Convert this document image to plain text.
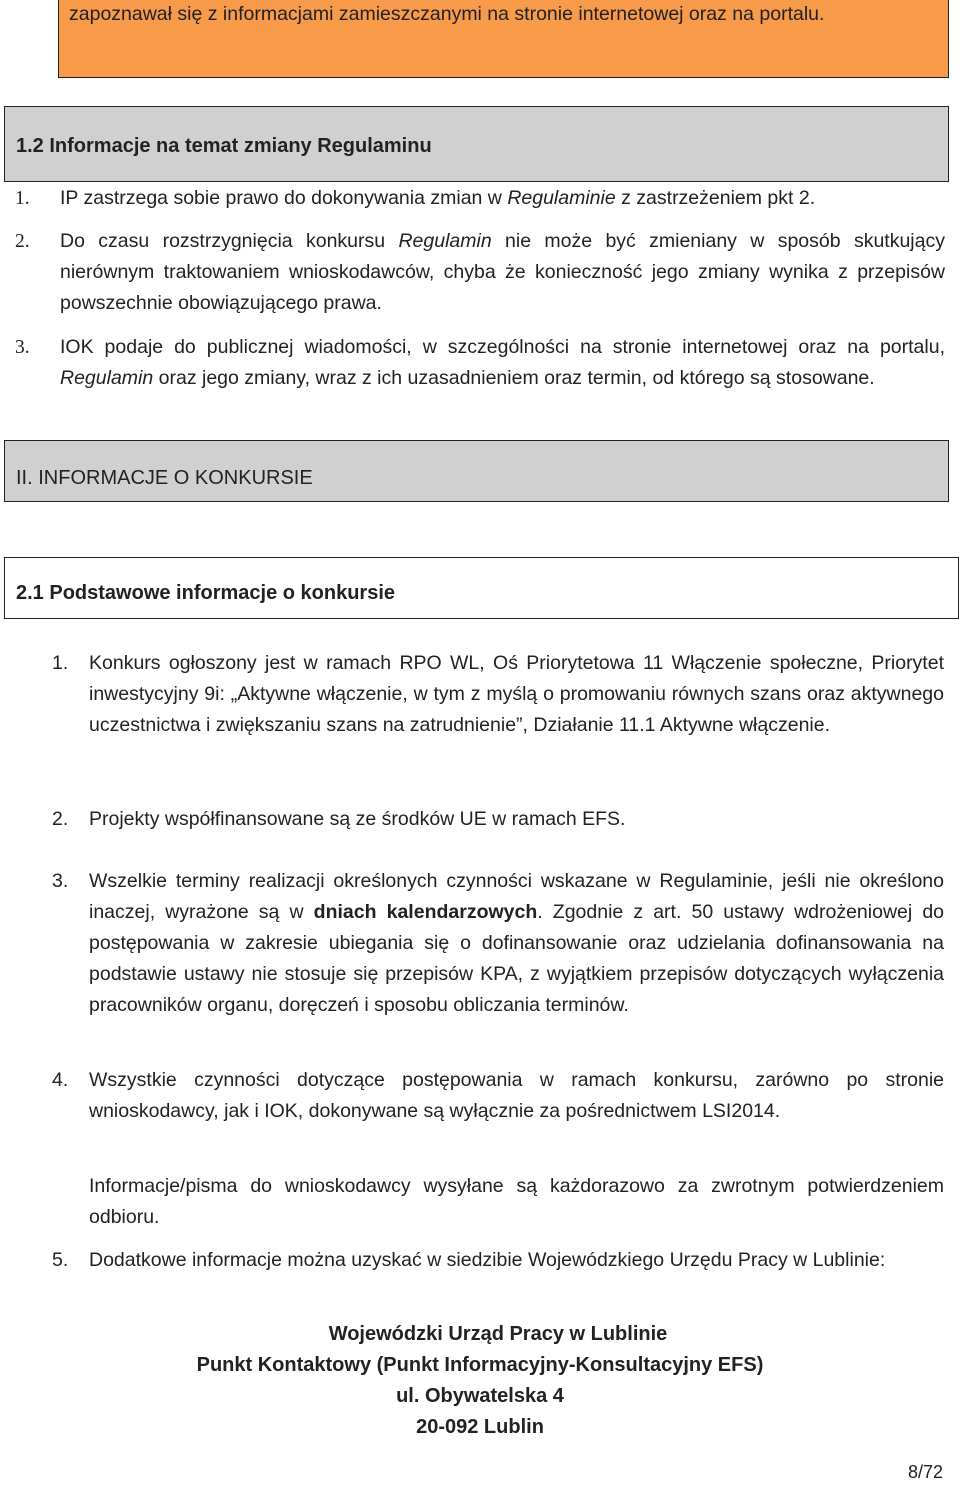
zapoznawał się z informacjami zamieszczanymi na stronie internetowej oraz na portalu.
1.2 Informacje na temat zmiany Regulaminu
1. IP zastrzega sobie prawo do dokonywania zmian w Regulaminie z zastrzeżeniem pkt 2.
2. Do czasu rozstrzygnięcia konkursu Regulamin nie może być zmieniany w sposób skutkujący nierównym traktowaniem wnioskodawców, chyba że konieczność jego zmiany wynika z przepisów powszechnie obowiązującego prawa.
3. IOK podaje do publicznej wiadomości, w szczególności na stronie internetowej oraz na portalu, Regulamin oraz jego zmiany, wraz z ich uzasadnieniem oraz termin, od którego są stosowane.
II. INFORMACJE O KONKURSIE
2.1 Podstawowe informacje o konkursie
1. Konkurs ogłoszony jest w ramach RPO WL, Oś Priorytetowa 11 Włączenie społeczne, Priorytet inwestycyjny 9i: „Aktywne włączenie, w tym z myślą o promowaniu równych szans oraz aktywnego uczestnictwa i zwiększaniu szans na zatrudnienie”, Działanie 11.1 Aktywne włączenie.
2. Projekty współfinansowane są ze środków UE w ramach EFS.
3. Wszelkie terminy realizacji określonych czynności wskazane w Regulaminie, jeśli nie określono inaczej, wyrażone są w dniach kalendarzowych. Zgodnie z art. 50 ustawy wdrożeniowej do postępowania w zakresie ubiegania się o dofinansowanie oraz udzielania dofinansowania na podstawie ustawy nie stosuje się przepisów KPA, z wyjątkiem przepisów dotyczących wyłączenia pracowników organu, doręczeń i sposobu obliczania terminów.
4. Wszystkie czynności dotyczące postępowania w ramach konkursu, zarówno po stronie wnioskodawcy, jak i IOK, dokonywane są wyłącznie za pośrednictwem LSI2014.
Informacje/pisma do wnioskodawcy wysyłane są każdorazowo za zwrotnym potwierdzeniem odbioru.
5. Dodatkowe informacje można uzyskać w siedzibie Wojewódzkiego Urzędu Pracy w Lublinie:
Wojewódzki Urząd Pracy w Lublinie
Punkt Kontaktowy (Punkt Informacyjny-Konsultacyjny EFS)
ul. Obywatelska 4
20-092 Lublin
8/72
